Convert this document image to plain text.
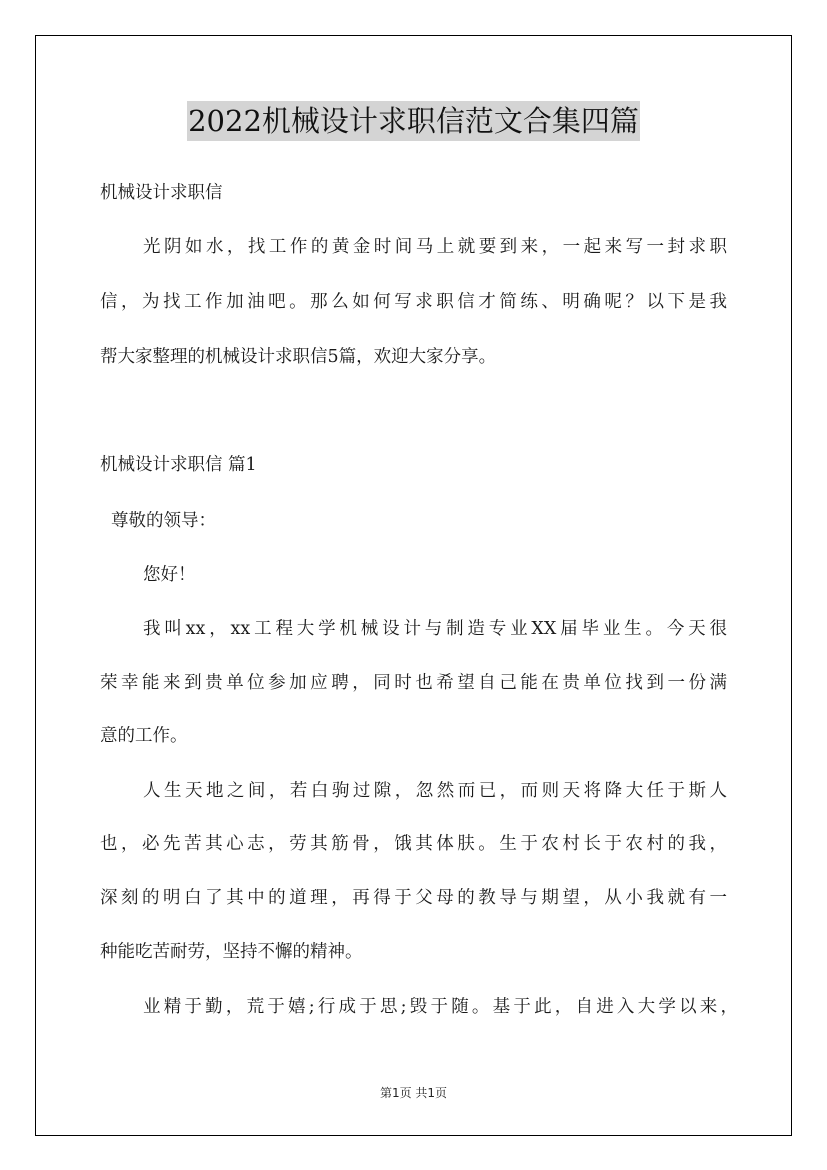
2022机械设计求职信范文合集四篇
机械设计求职信
光阴如水，找工作的黄金时间马上就要到来，一起来写一封求职
信，为找工作加油吧。那么如何写求职信才简练、明确呢？以下是我
帮大家整理的机械设计求职信5篇，欢迎大家分享。
机械设计求职信 篇1
尊敬的领导：
您好！
我叫xx，xx工程大学机械设计与制造专业XX届毕业生。今天很
荣幸能来到贵单位参加应聘，同时也希望自己能在贵单位找到一份满
意的工作。
人生天地之间，若白驹过隙，忽然而已，而则天将降大任于斯人
也，必先苦其心志，劳其筋骨，饿其体肤。生于农村长于农村的我，
深刻的明白了其中的道理，再得于父母的教导与期望，从小我就有一
种能吃苦耐劳，坚持不懈的精神。
业精于勤，荒于嬉;行成于思;毁于随。基于此，自进入大学以来，
第1页 共1页
